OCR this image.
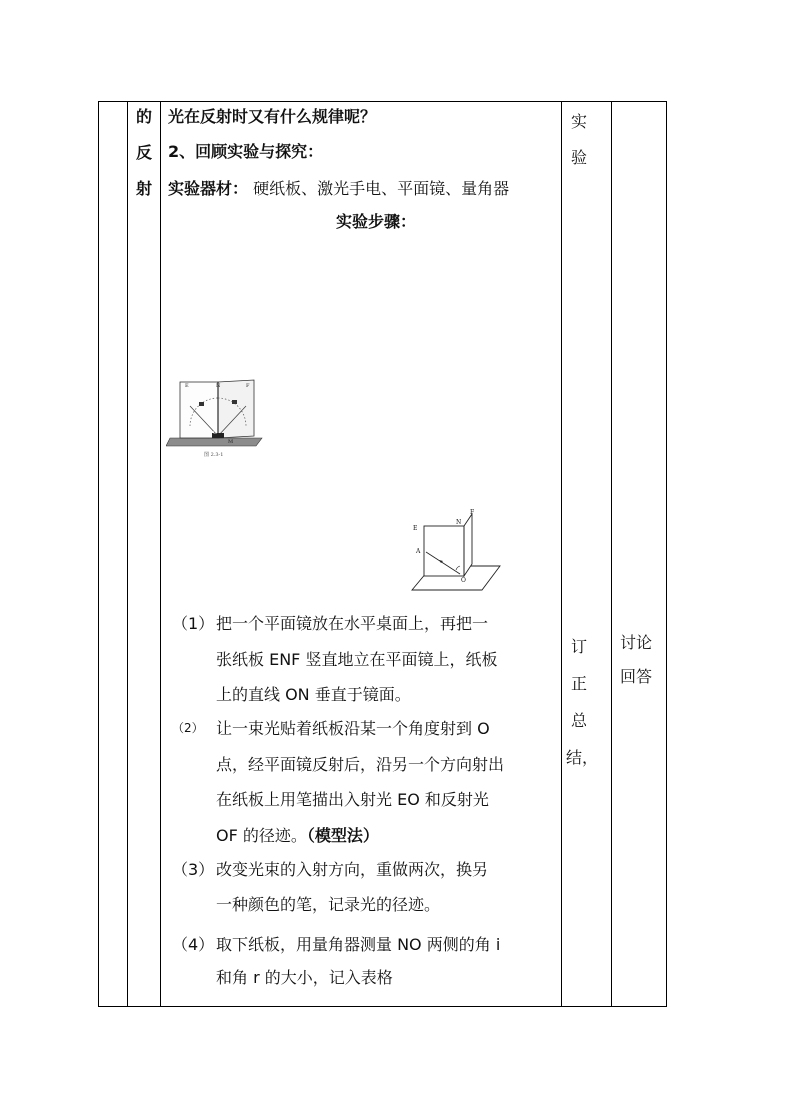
的
反
射
光在反射时又有什么规律呢？
2、回顾实验与探究：
实验器材： 硬纸板、激光手电、平面镜、量角器
实验步骤：
E	N	F
O
M
图 2.3-1
E
N
F
A
O
（1） 把一个平面镜放在水平桌面上，再把一
张纸板 ENF 竖直地立在平面镜上，纸板
上的直线 ON 垂直于镜面。
（2） 让一束光贴着纸板沿某一个角度射到 O
点，经平面镜反射后，沿另一个方向射出
在纸板上用笔描出入射光 EO 和反射光
OF 的径迹。（模型法）
（3） 改变光束的入射方向，重做两次，换另
一种颜色的笔，记录光的径迹。
（4） 取下纸板，用量角器测量 NO 两侧的角 i
和角 r 的大小，记入表格
实
验
订
正
总
结，
讨论
回答
